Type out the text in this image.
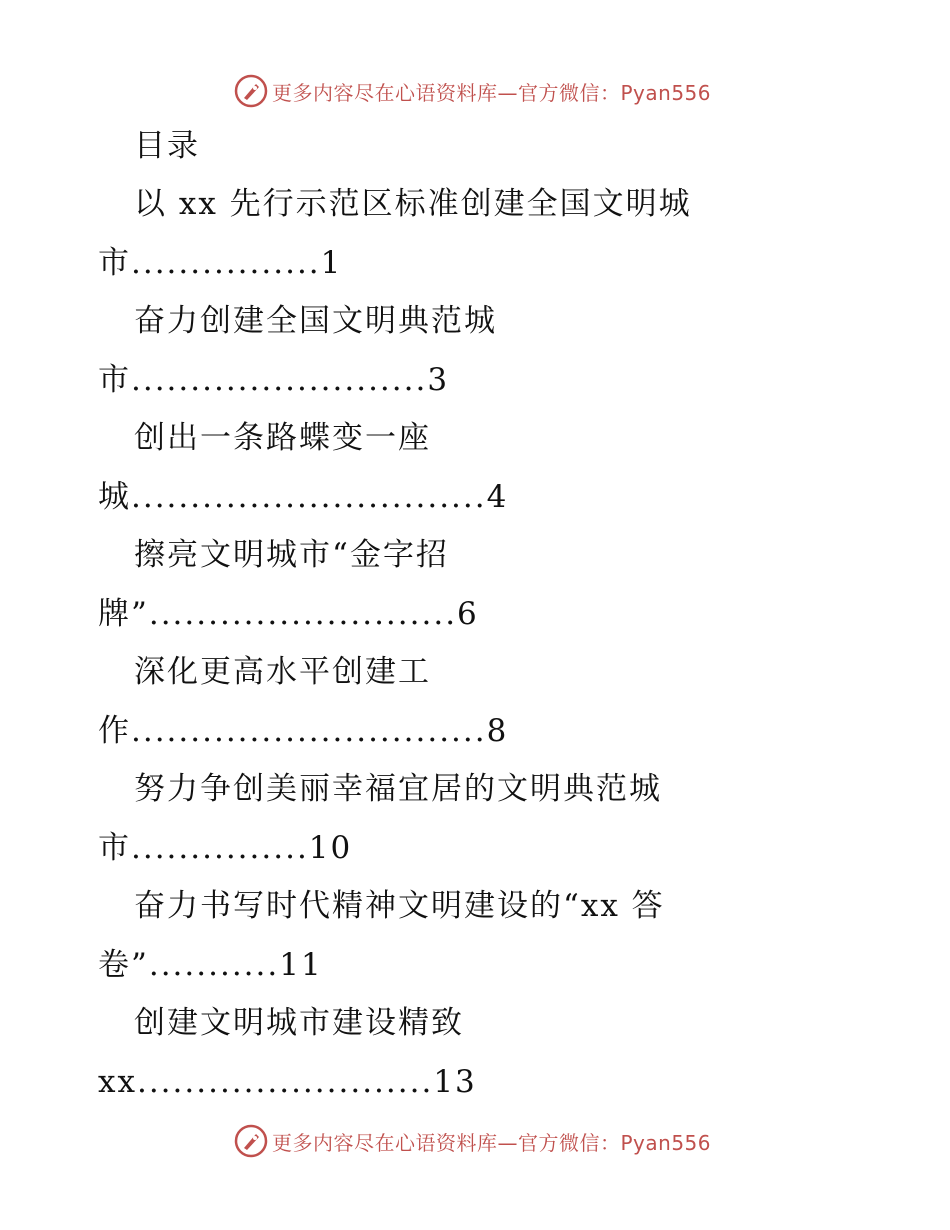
更多内容尽在心语资料库—官方微信：Pyan556
目录
以 xx 先行示范区标准创建全国文明城
市................1
奋力创建全国文明典范城
市.........................3
创出一条路蝶变一座
城..............................4
擦亮文明城市“金字招
牌”..........................6
深化更高水平创建工
作..............................8
努力争创美丽幸福宜居的文明典范城
市...............10
奋力书写时代精神文明建设的“xx 答
卷”...........11
创建文明城市建设精致
xx.........................13
更多内容尽在心语资料库—官方微信：Pyan556
